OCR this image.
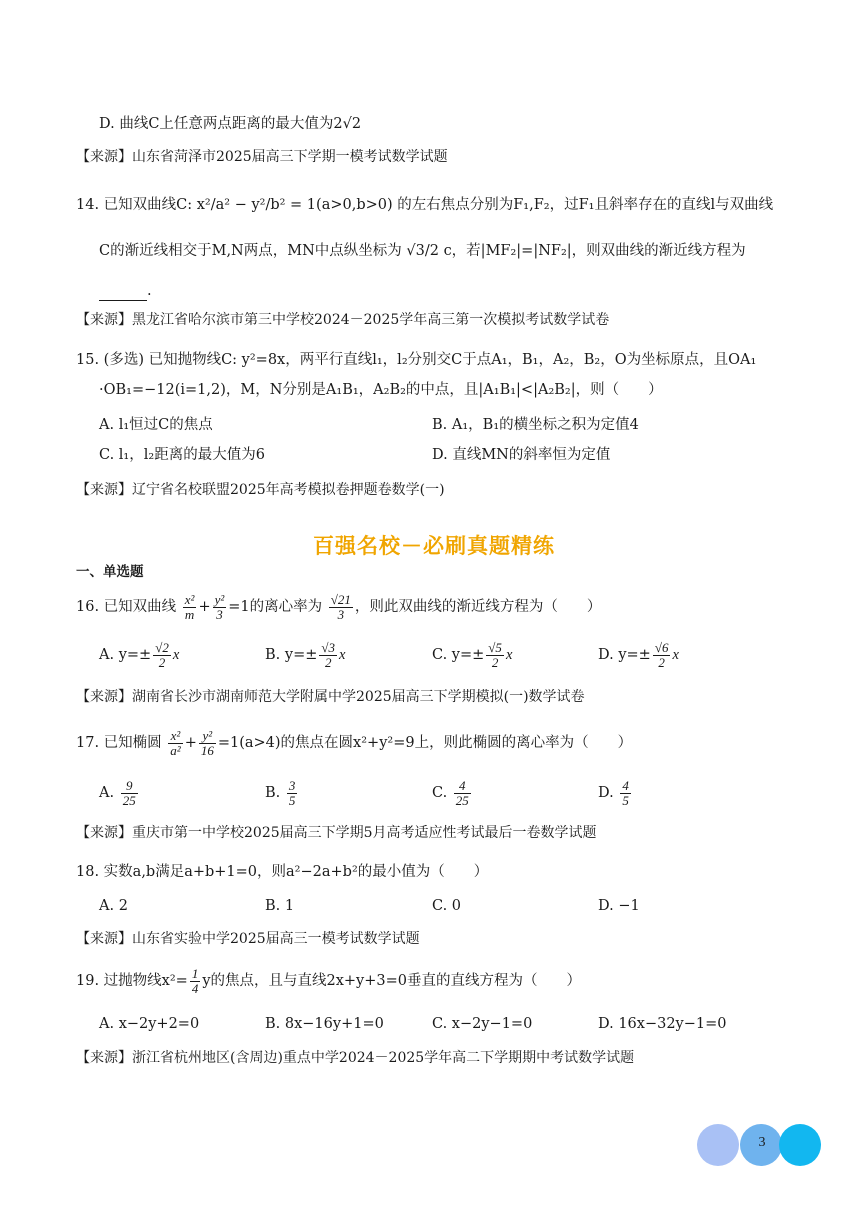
D. 曲线C上任意两点距离的最大值为2√2
【来源】山东省菏泽市2025届高三下学期一模考试数学试题
14. 已知双曲线C: x²/a² − y²/b² = 1(a>0,b>0) 的左右焦点分别为F₁,F₂，过F₁且斜率存在的直线l与双曲线
C的渐近线相交于M,N两点，MN中点纵坐标为 √3/2 c，若|MF₂|=|NF₂|，则双曲线的渐近线方程为
.
【来源】黑龙江省哈尔滨市第三中学校2024－2025学年高三第一次模拟考试数学试卷
15. (多选) 已知抛物线C: y²=8x，两平行直线l₁，l₂分别交C于点A₁，B₁，A₂，B₂，O为坐标原点，且OA₁
·OB₁=−12(i=1,2)，M，N分别是A₁B₁，A₂B₂的中点，且|A₁B₁|<|A₂B₂|，则（　　）
A. l₁恒过C的焦点	B. A₁，B₁的横坐标之积为定值4
C. l₁，l₂距离的最大值为6	D. 直线MN的斜率恒为定值
【来源】辽宁省名校联盟2025年高考模拟卷押题卷数学(一)
百强名校－必刷真题精练
一、单选题
16. 已知双曲线 $\frac{\text{x²}}{m} + \frac{\text{y²}}{3} =1$的离心率为 $\frac{√21}{3}$ ，则此双曲线的渐近线方程为（　　）
A. $y=\pm \frac{√2}{2}$ x	B. $y=\pm \frac{√3}{2}$ x	C. $y=\pm \frac{√5}{2}$ x	D. $y=\pm \frac{√6}{2}$ x
【来源】湖南省长沙市湖南师范大学附属中学2025届高三下学期模拟(一)数学试卷
17. 已知椭圆 $\frac{\text{x²}}{\text{a²}} + \frac{\text{y²}}{16} =1(a>4)$的焦点在圆x²+y²=9上，则此椭圆的离心率为（　　）
A. $\frac{9}{25}$	B. $\frac{3}{5}$	C. $\frac{4}{25}$	D. $\frac{4}{5}$
【来源】重庆市第一中学校2025届高三下学期5月高考适应性考试最后一卷数学试题
18. 实数a,b满足a+b+1=0，则a²−2a+b²的最小值为（　　）
A. 2	B. 1	C. 0	D. −1
【来源】山东省实验中学2025届高三一模考试数学试题
19. 过抛物线$x^2= \frac{1}{4}$ y的焦点，且与直线2x+y+3=0垂直的直线方程为（　　）
A. x−2y+2=0	B. 8x−16y+1=0	C. x−2y−1=0	D. 16x−32y−1=0
【来源】浙江省杭州地区(含周边)重点中学2024－2025学年高二下学期期中考试数学试题
3
